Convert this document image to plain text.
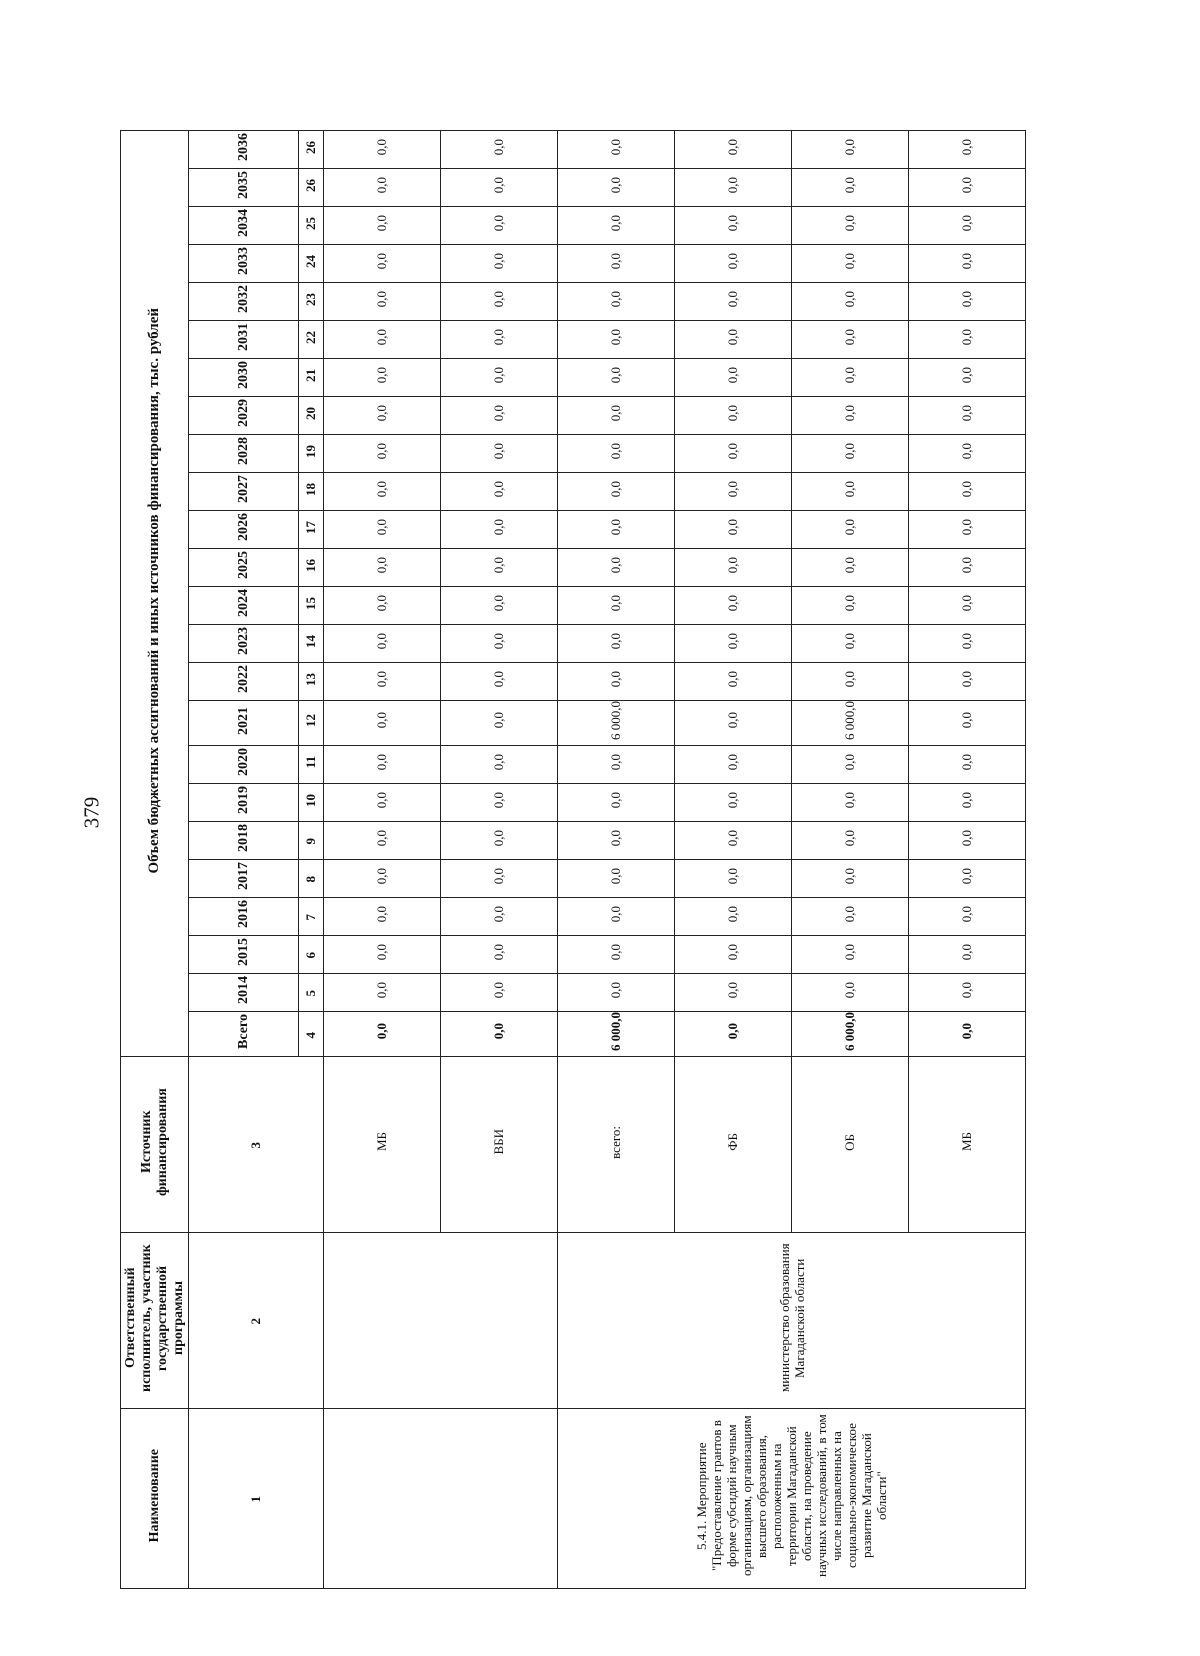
379	Объем бюджетных ассигнований и иных источников финансирования, тыс. рублей	2036	26	0,0	0,0	0,0	0,0	0,0	0,0
	2035	26	0,0	0,0	0,0	0,0	0,0	0,0
	2034	25	0,0	0,0	0,0	0,0	0,0	0,0
	2033	24	0,0	0,0	0,0	0,0	0,0	0,0
	2032	23	0,0	0,0	0,0	0,0	0,0	0,0
	2031	22	0,0	0,0	0,0	0,0	0,0	0,0
	2030	21	0,0	0,0	0,0	0,0	0,0	0,0
	2029	20	0,0	0,0	0,0	0,0	0,0	0,0
	2028	19	0,0	0,0	0,0	0,0	0,0	0,0
	2027	18	0,0	0,0	0,0	0,0	0,0	0,0
	2026	17	0,0	0,0	0,0	0,0	0,0	0,0
	2025	16	0,0	0,0	0,0	0,0	0,0	0,0
	2024	15	0,0	0,0	0,0	0,0	0,0	0,0
	2023	14	0,0	0,0	0,0	0,0	0,0	0,0
	2022	13	0,0	0,0	0,0	0,0	0,0	0,0
	2021	12	0,0	0,0	6 000,0	0,0	6 000,0	0,0
	2020	11	0,0	0,0	0,0	0,0	0,0	0,0
	2019	10	0,0	0,0	0,0	0,0	0,0	0,0
	2018	9	0,0	0,0	0,0	0,0	0,0	0,0
	2017	8	0,0	0,0	0,0	0,0	0,0	0,0
	2016	7	0,0	0,0	0,0	0,0	0,0	0,0
	2015	6	0,0	0,0	0,0	0,0	0,0	0,0
	2014	5	0,0	0,0	0,0	0,0	0,0	0,0
	Всего	4	0,0	0,0	6 000,0	0,0	6 000,0	0,0
Источник финансирования	3		МБ	ВБИ	всего:	ФБ	ОБ	МБ
Ответственный исполнитель, участник государственной программы	2				министерство образования Магаданской области			
Наименование	1				5.4.1. Мероприятие "Предоставление грантов в форме субсидий научным организациям, организациям высшего образования, расположенным на территории Магаданской области, на проведение научных исследований, в том числе направленных на социально-экономическое развитие Магаданской области"			
